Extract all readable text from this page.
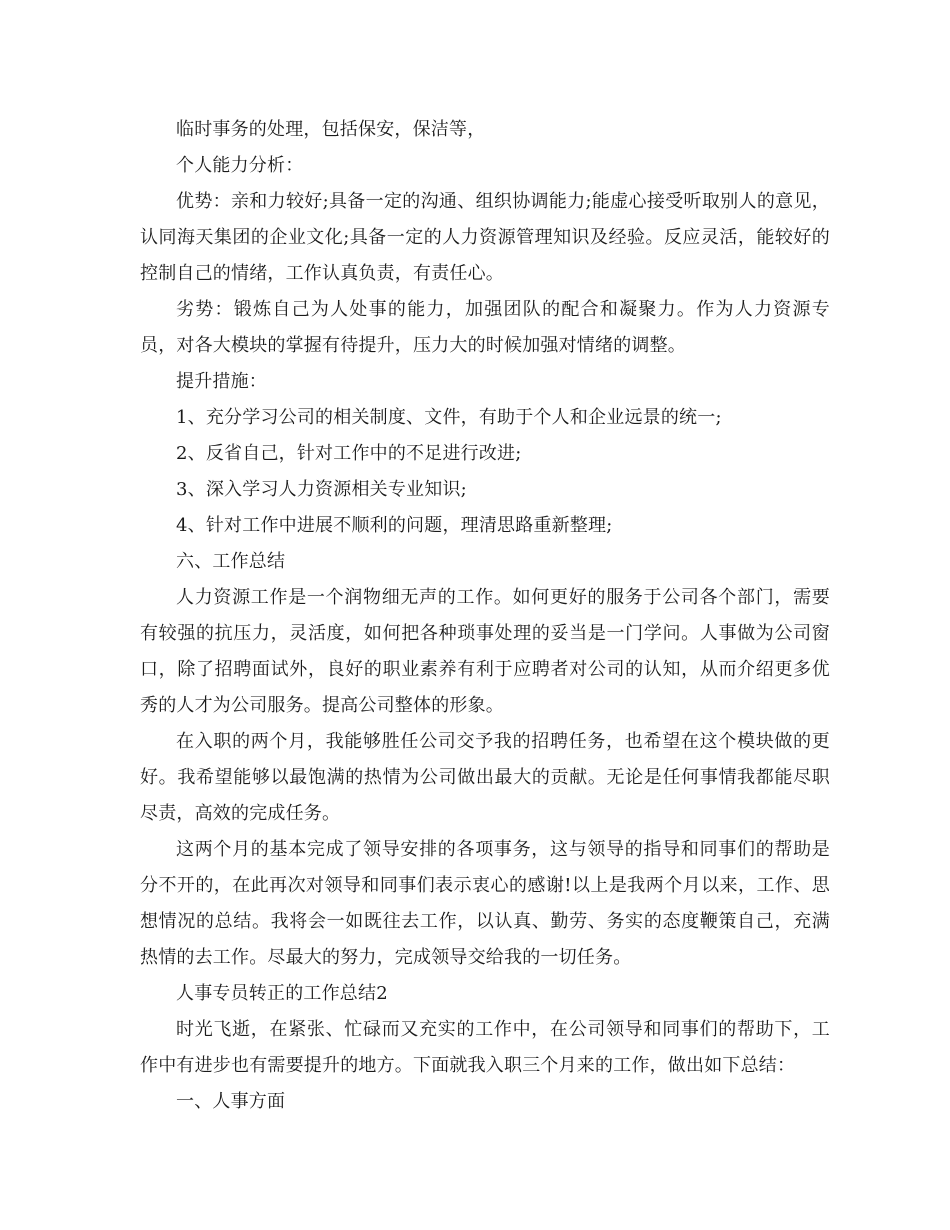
临时事务的处理，包括保安，保洁等，

个人能力分析：

优势：亲和力较好;具备一定的沟通、组织协调能力;能虚心接受听取别人的意见，认同海天集团的企业文化;具备一定的人力资源管理知识及经验。反应灵活，能较好的控制自己的情绪，工作认真负责，有责任心。

劣势：锻炼自己为人处事的能力，加强团队的配合和凝聚力。作为人力资源专员，对各大模块的掌握有待提升，压力大的时候加强对情绪的调整。

提升措施：

1、充分学习公司的相关制度、文件，有助于个人和企业远景的统一;

2、反省自己，针对工作中的不足进行改进;

3、深入学习人力资源相关专业知识;

4、针对工作中进展不顺利的问题，理清思路重新整理;

六、工作总结

人力资源工作是一个润物细无声的工作。如何更好的服务于公司各个部门，需要有较强的抗压力，灵活度，如何把各种琐事处理的妥当是一门学问。人事做为公司窗口，除了招聘面试外，良好的职业素养有利于应聘者对公司的认知，从而介绍更多优秀的人才为公司服务。提高公司整体的形象。

在入职的两个月，我能够胜任公司交予我的招聘任务，也希望在这个模块做的更好。我希望能够以最饱满的热情为公司做出最大的贡献。无论是任何事情我都能尽职尽责，高效的完成任务。

这两个月的基本完成了领导安排的各项事务，这与领导的指导和同事们的帮助是分不开的，在此再次对领导和同事们表示衷心的感谢!以上是我两个月以来，工作、思想情况的总结。我将会一如既往去工作，以认真、勤劳、务实的态度鞭策自己，充满热情的去工作。尽最大的努力，完成领导交给我的一切任务。

人事专员转正的工作总结2

时光飞逝，在紧张、忙碌而又充实的工作中，在公司领导和同事们的帮助下，工作中有进步也有需要提升的地方。下面就我入职三个月来的工作，做出如下总结：

一、人事方面
